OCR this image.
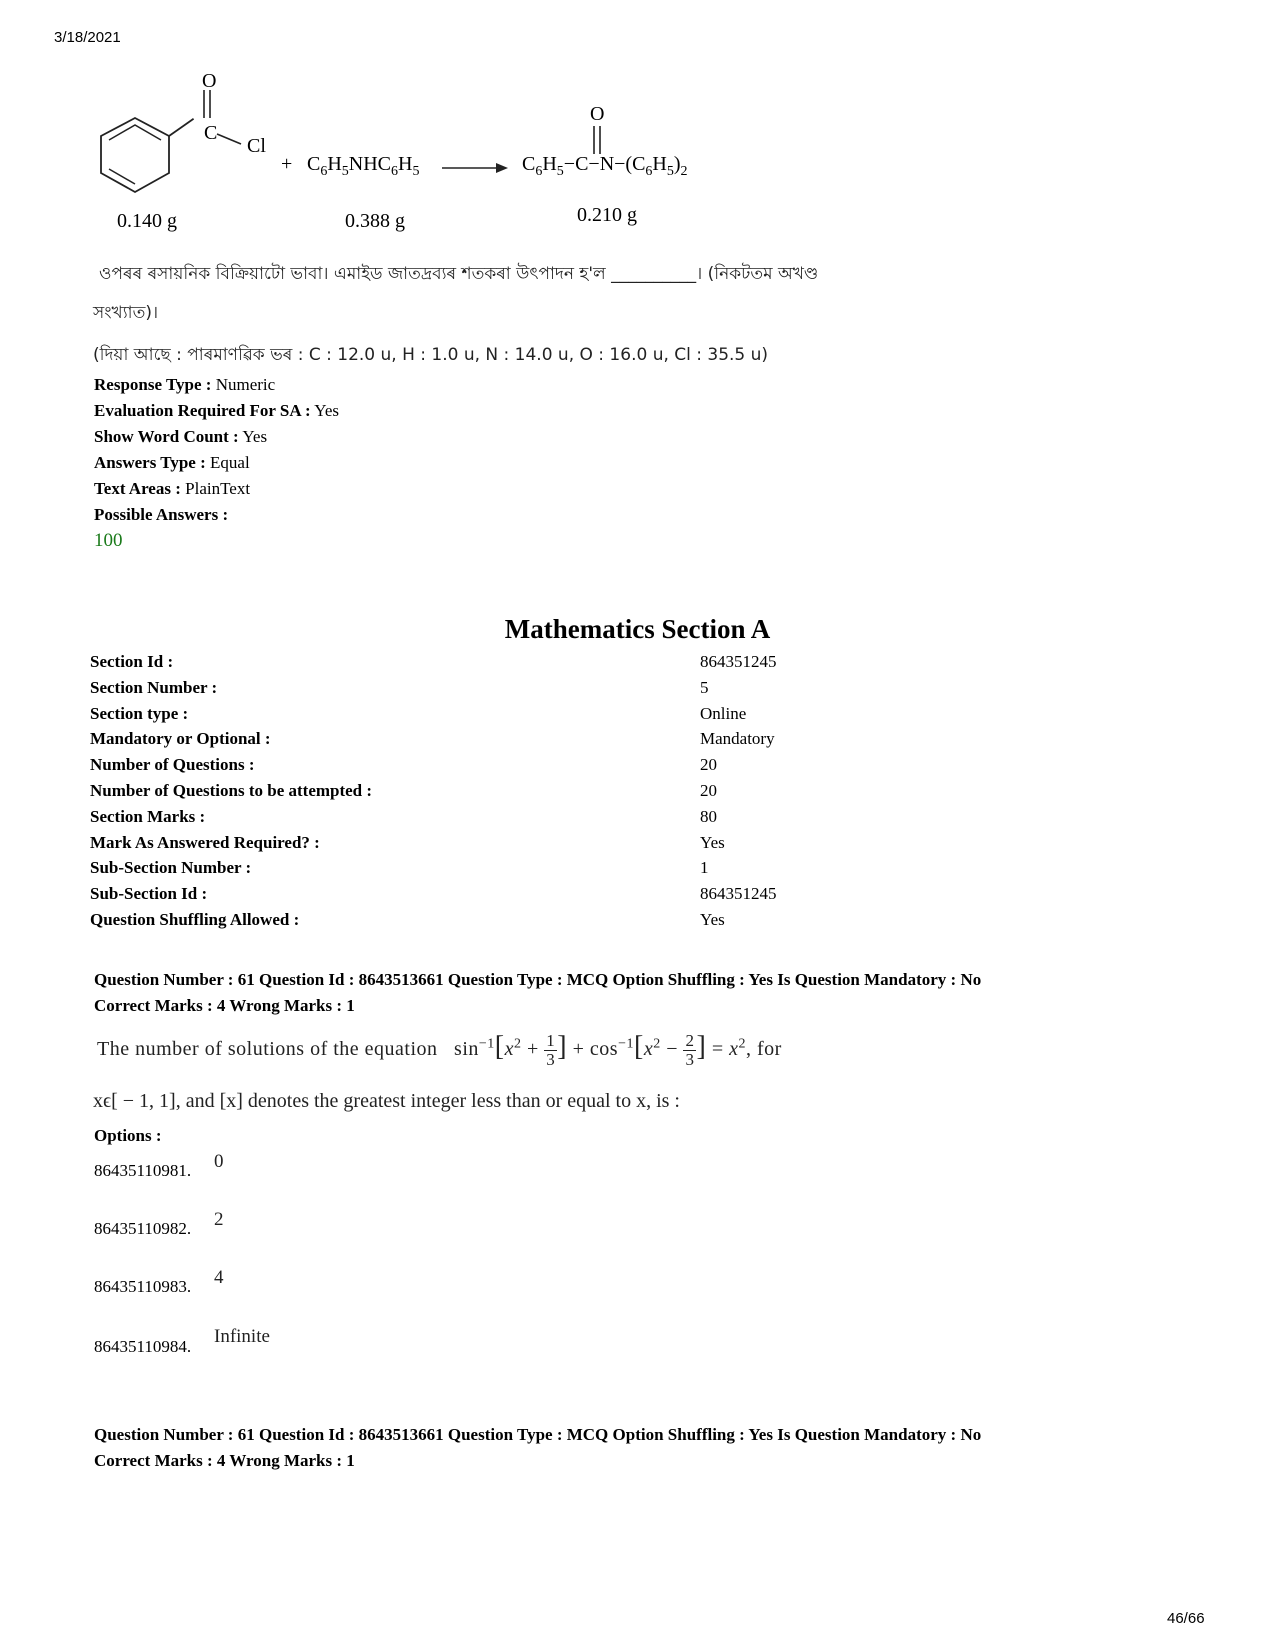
3/18/2021
O
C
Cl
+ $C_6H_5NHC_6H_5$
O
$C_6H_5-C-N-(C_6H_5)_2$
0.140 g	0.388 g	0.210 g
ওপৰৰ ৰসায়নিক বিক্ৰিয়াটো ভাবা। এমাইড জাতদ্ৰব্যৰ শতকৰা উৎপাদন হ'ল __________। (নিকটতম অখণ্ড
সংখ্যাত)।
(দিয়া আছে : পাৰমাণৱিক ভৰ : C : 12.0 u, H : 1.0 u, N : 14.0 u, O : 16.0 u, Cl : 35.5 u)
Response Type : Numeric
Evaluation Required For SA : Yes
Show Word Count : Yes
Answers Type : Equal
Text Areas : PlainText
Possible Answers :
100
Mathematics Section A
Section Id :	864351245
Section Number :	5
Section type :	Online
Mandatory or Optional :	Mandatory
Number of Questions :	20
Number of Questions to be attempted :	20
Section Marks :	80
Mark As Answered Required? :	Yes
Sub-Section Number :	1
Sub-Section Id :	864351245
Question Shuffling Allowed :	Yes
Question Number : 61 Question Id : 8643513661 Question Type : MCQ Option Shuffling : Yes Is Question Mandatory : No
Correct Marks : 4 Wrong Marks : 1
The number of solutions of the equation   $\sin^{-1}[x^2 + 1$
$3] + \cos^{-1}[x^2 - 2$
$3] = x^2$, for
xϵ[ − 1, 1], and [x] denotes the greatest integer less than or equal to x, is :
Options :
86435110981. 0
86435110982. 2
86435110983. 4
86435110984. Infinite
Question Number : 61 Question Id : 8643513661 Question Type : MCQ Option Shuffling : Yes Is Question Mandatory : No
Correct Marks : 4 Wrong Marks : 1
46/66
